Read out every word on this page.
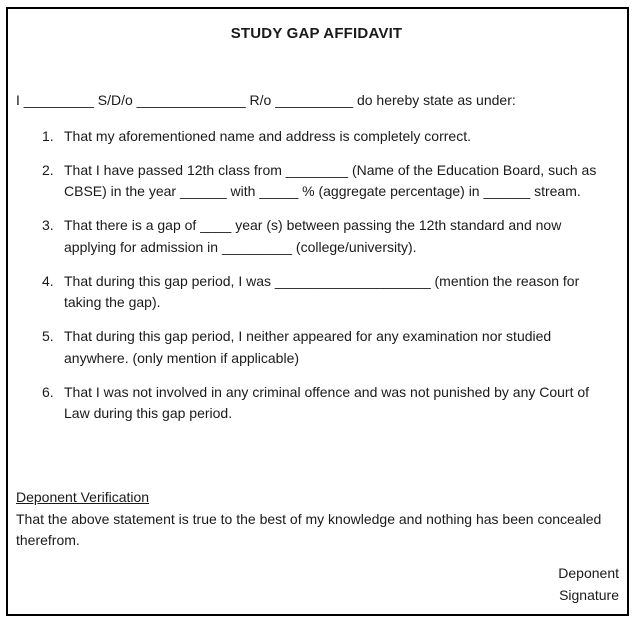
STUDY GAP AFFIDAVIT
I _________ S/D/o ______________ R/o __________ do hereby state as under:
1. That my aforementioned name and address is completely correct.
2. That I have passed 12th class from ________ (Name of the Education Board, such as CBSE) in the year ______ with _____ % (aggregate percentage) in ______ stream.
3. That there is a gap of ____ year (s) between passing the 12th standard and now applying for admission in _________ (college/university).
4. That during this gap period, I was ____________________ (mention the reason for taking the gap).
5. That during this gap period, I neither appeared for any examination nor studied anywhere. (only mention if applicable)
6. That I was not involved in any criminal offence and was not punished by any Court of Law during this gap period.
Deponent Verification
That the above statement is true to the best of my knowledge and nothing has been concealed therefrom.
Deponent
Signature
